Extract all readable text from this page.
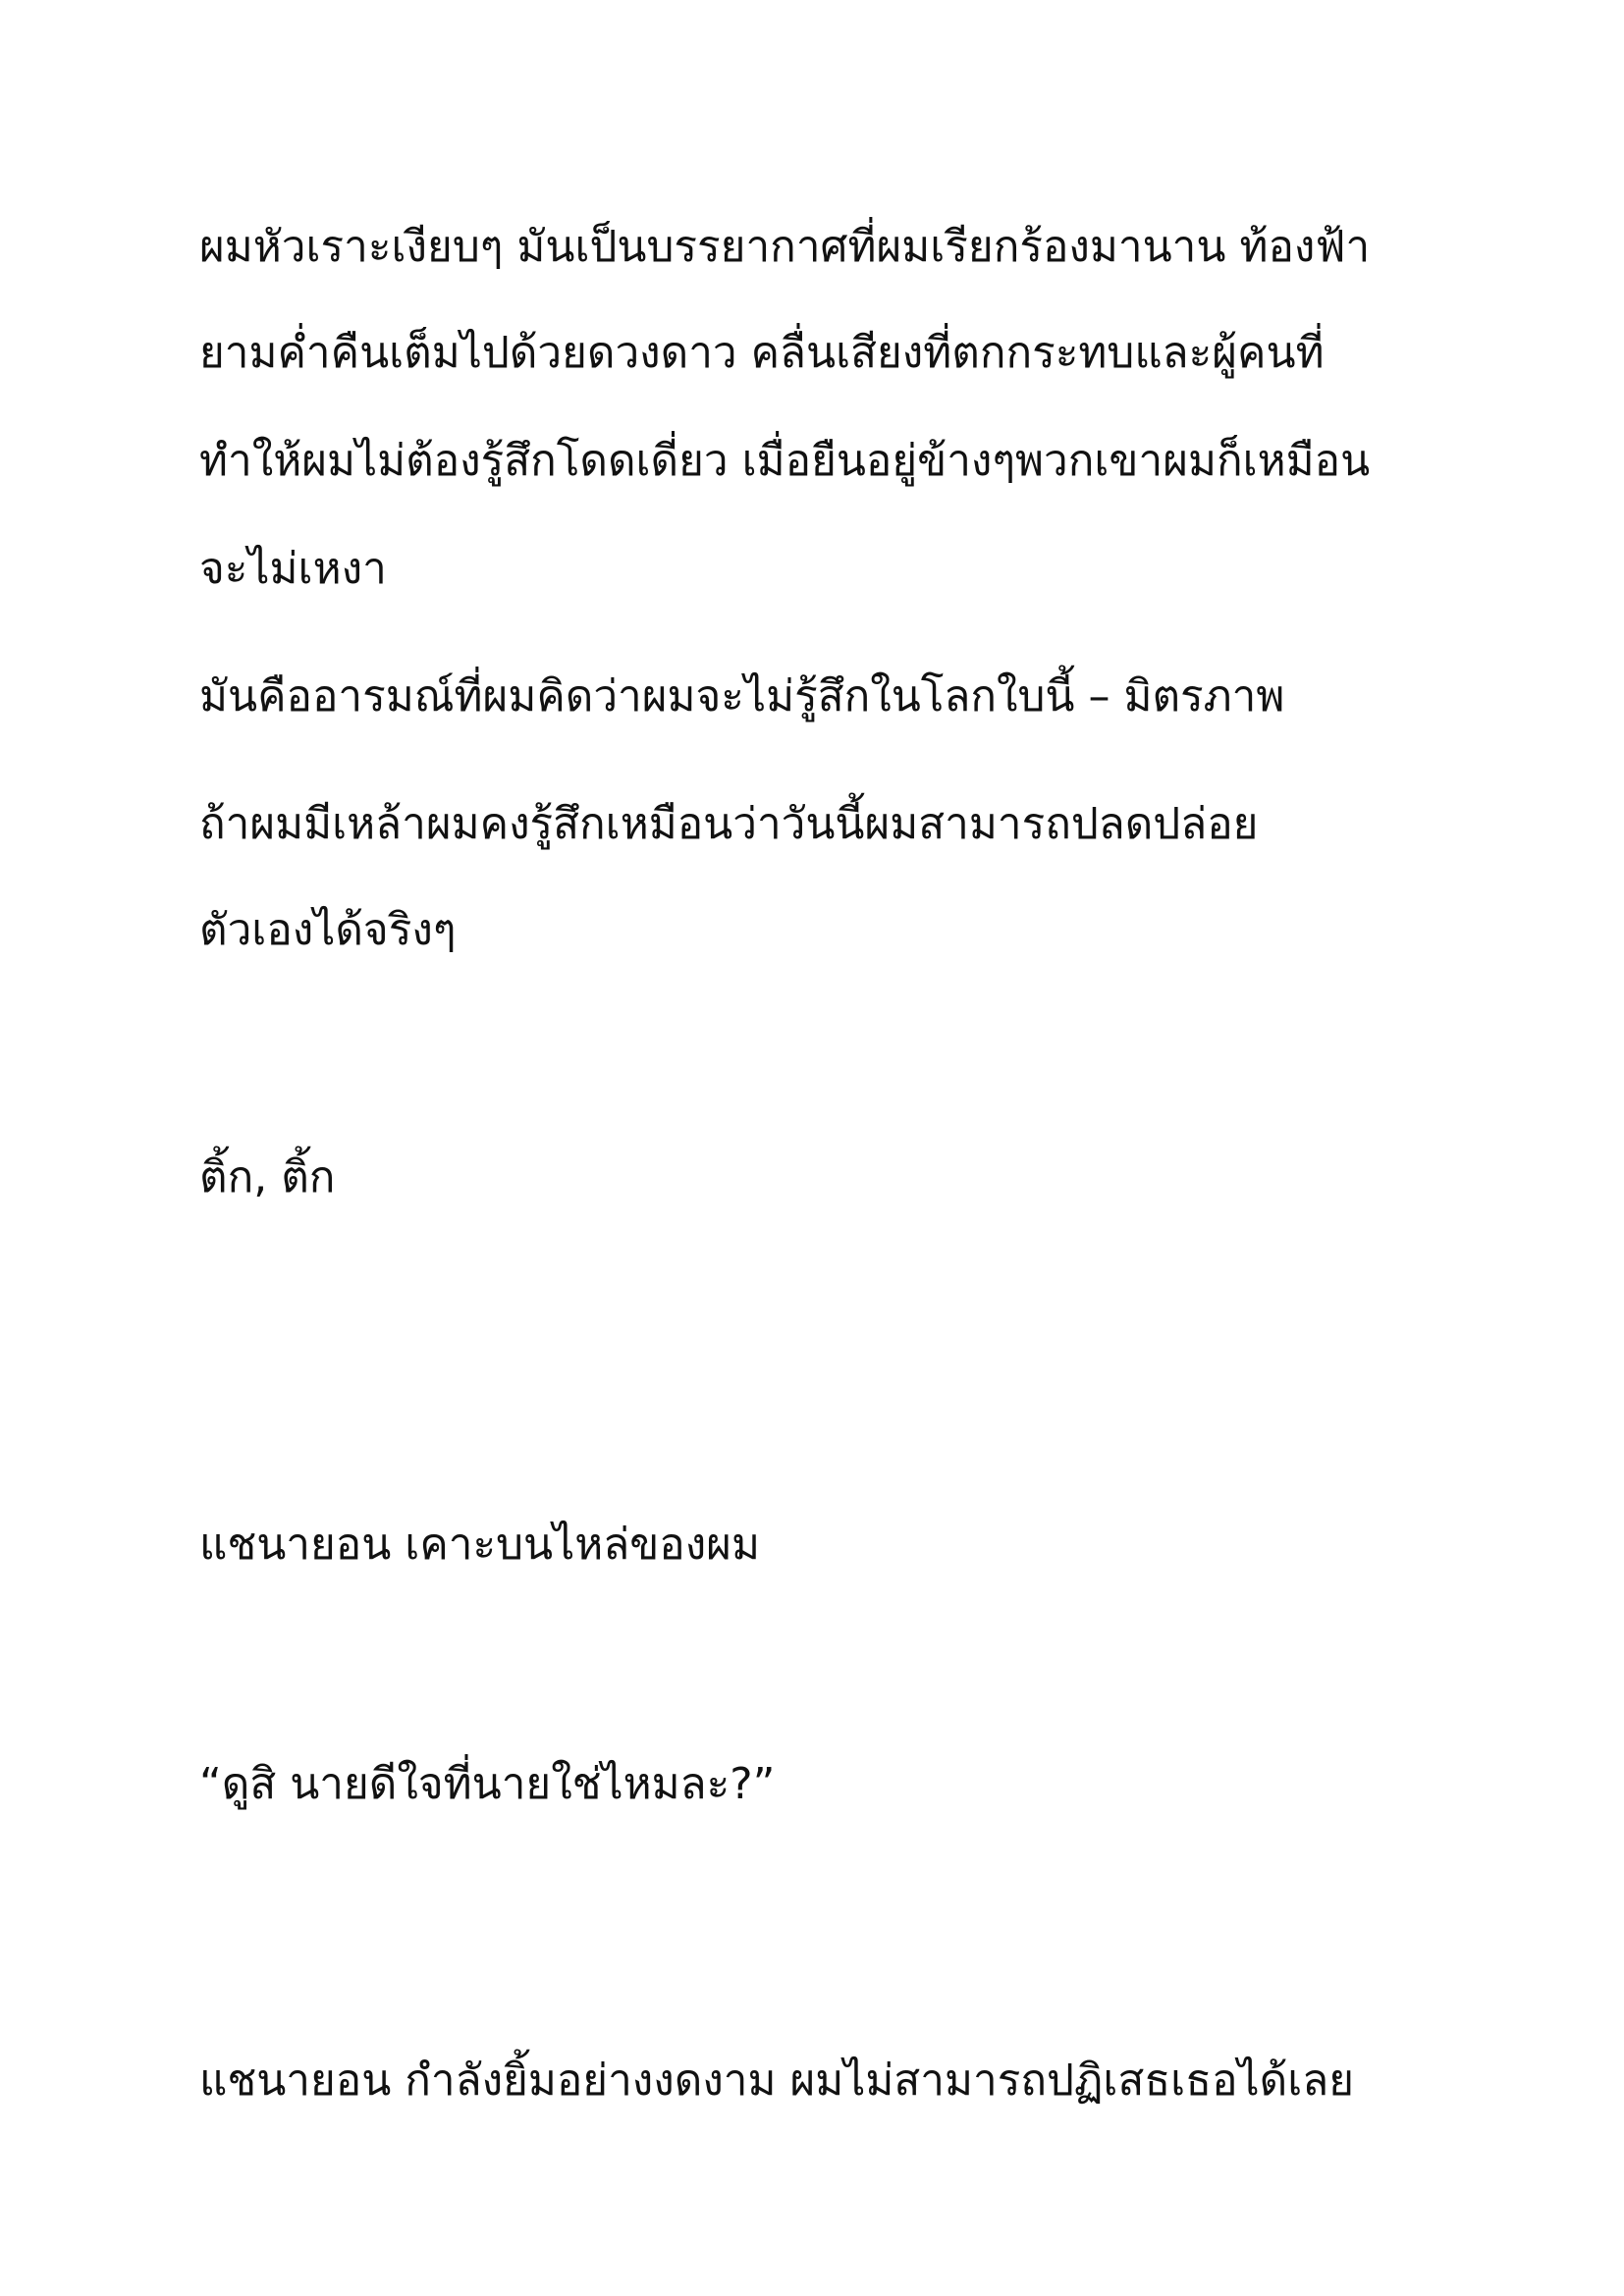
ผมหัวเราะเงียบๆ มันเป็นบรรยากาศที่ผมเรียกร้องมานาน ท้องฟ้า
ยามค่ำคืนเต็มไปด้วยดวงดาว คลื่นเสียงที่ตกกระทบและผู้คนที่
ทำให้ผมไม่ต้องรู้สึกโดดเดี่ยว เมื่อยืนอยู่ข้างๆพวกเขาผมก็เหมือน
จะไม่เหงา
มันคืออารมณ์ที่ผมคิดว่าผมจะไม่รู้สึกในโลกใบนี้ – มิตรภาพ
ถ้าผมมีเหล้าผมคงรู้สึกเหมือนว่าวันนี้ผมสามารถปลดปล่อย
ตัวเองได้จริงๆ
ติ้ก, ติ้ก
แชนายอน เคาะบนไหล่ของผม
“ดูสิ นายดีใจที่นายใช่ไหมละ?”
แชนายอน กำลังยิ้มอย่างงดงาม ผมไม่สามารถปฏิเสธเธอได้เลย
